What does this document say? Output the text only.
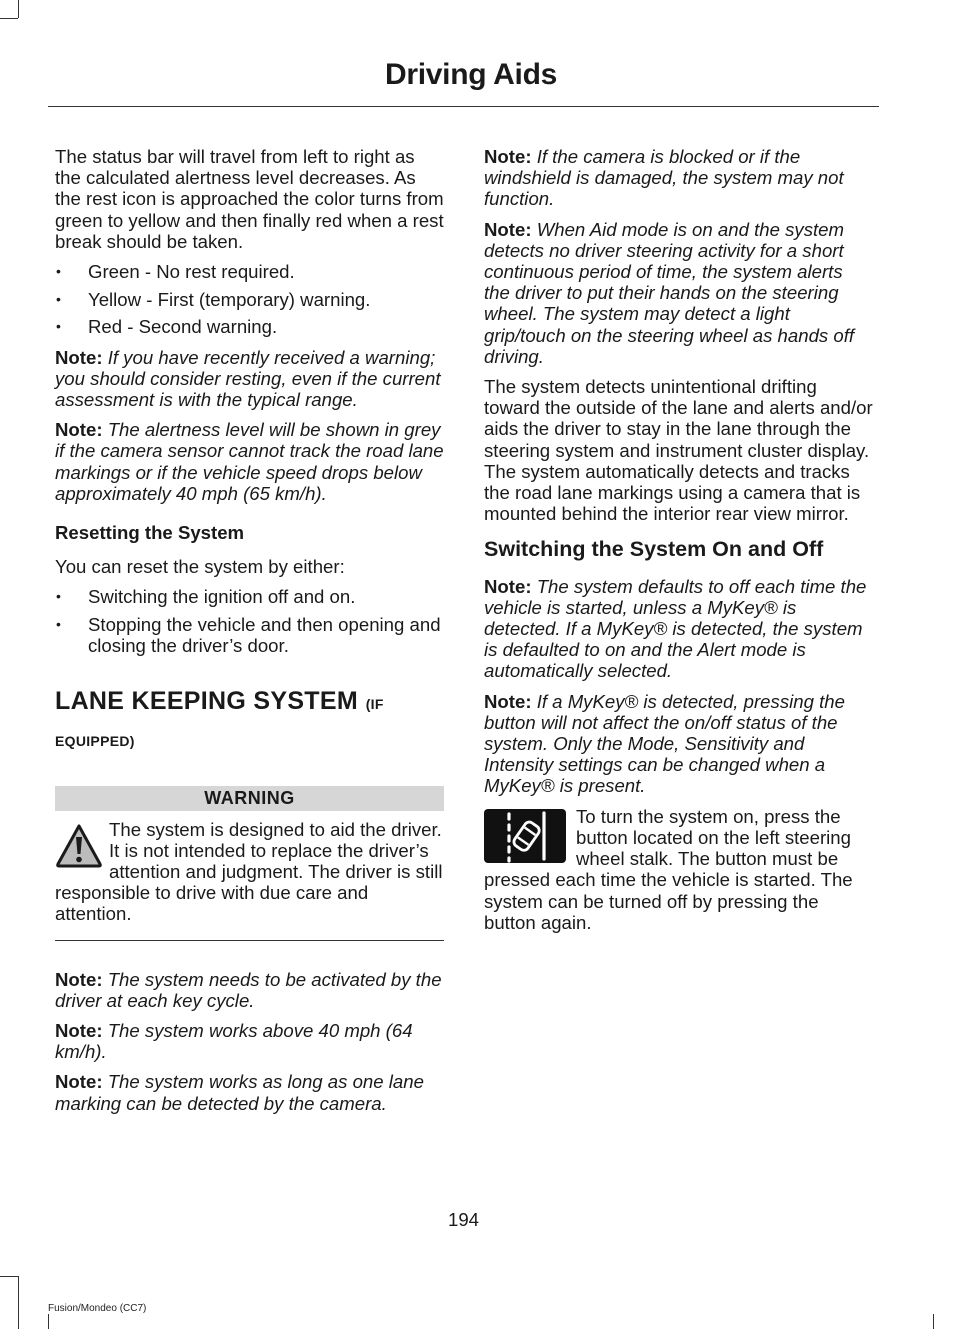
Driving Aids

The status bar will travel from left to right as the calculated alertness level decreases. As the rest icon is approached the color turns from green to yellow and then finally red when a rest break should be taken.

• Green - No rest required.
• Yellow - First (temporary) warning.
• Red - Second warning.

Note: If you have recently received a warning; you should consider resting, even if the current assessment is with the typical range.

Note: The alertness level will be shown in grey if the camera sensor cannot track the road lane markings or if the vehicle speed drops below approximately 40 mph (65 km/h).

Resetting the System

You can reset the system by either:

• Switching the ignition off and on.
• Stopping the vehicle and then opening and closing the driver’s door.
LANE KEEPING SYSTEM (IF
EQUIPPED)
WARNING

The system is designed to aid the driver. It is not intended to replace the driver’s attention and judgment. The driver is still responsible to drive with due care and attention.

Note: The system needs to be activated by the driver at each key cycle.

Note: The system works above 40 mph (64 km/h).

Note: The system works as long as one lane marking can be detected by the camera.

Note: If the camera is blocked or if the windshield is damaged, the system may not function.

Note: When Aid mode is on and the system detects no driver steering activity for a short continuous period of time, the system alerts the driver to put their hands on the steering wheel. The system may detect a light grip/touch on the steering wheel as hands off driving.

The system detects unintentional drifting toward the outside of the lane and alerts and/or aids the driver to stay in the lane through the steering system and instrument cluster display. The system automatically detects and tracks the road lane markings using a camera that is mounted behind the interior rear view mirror.

Switching the System On and Off

Note: The system defaults to off each time the vehicle is started, unless a MyKey® is detected. If a MyKey® is detected, the system is defaulted to on and the Alert mode is automatically selected.

Note: If a MyKey® is detected, pressing the button will not affect the on/off status of the system. Only the Mode, Sensitivity and Intensity settings can be changed when a MyKey® is present.

To turn the system on, press the button located on the left steering wheel stalk. The button must be pressed each time the vehicle is started. The system can be turned off by pressing the button again.

194
Fusion/Mondeo (CC7)
